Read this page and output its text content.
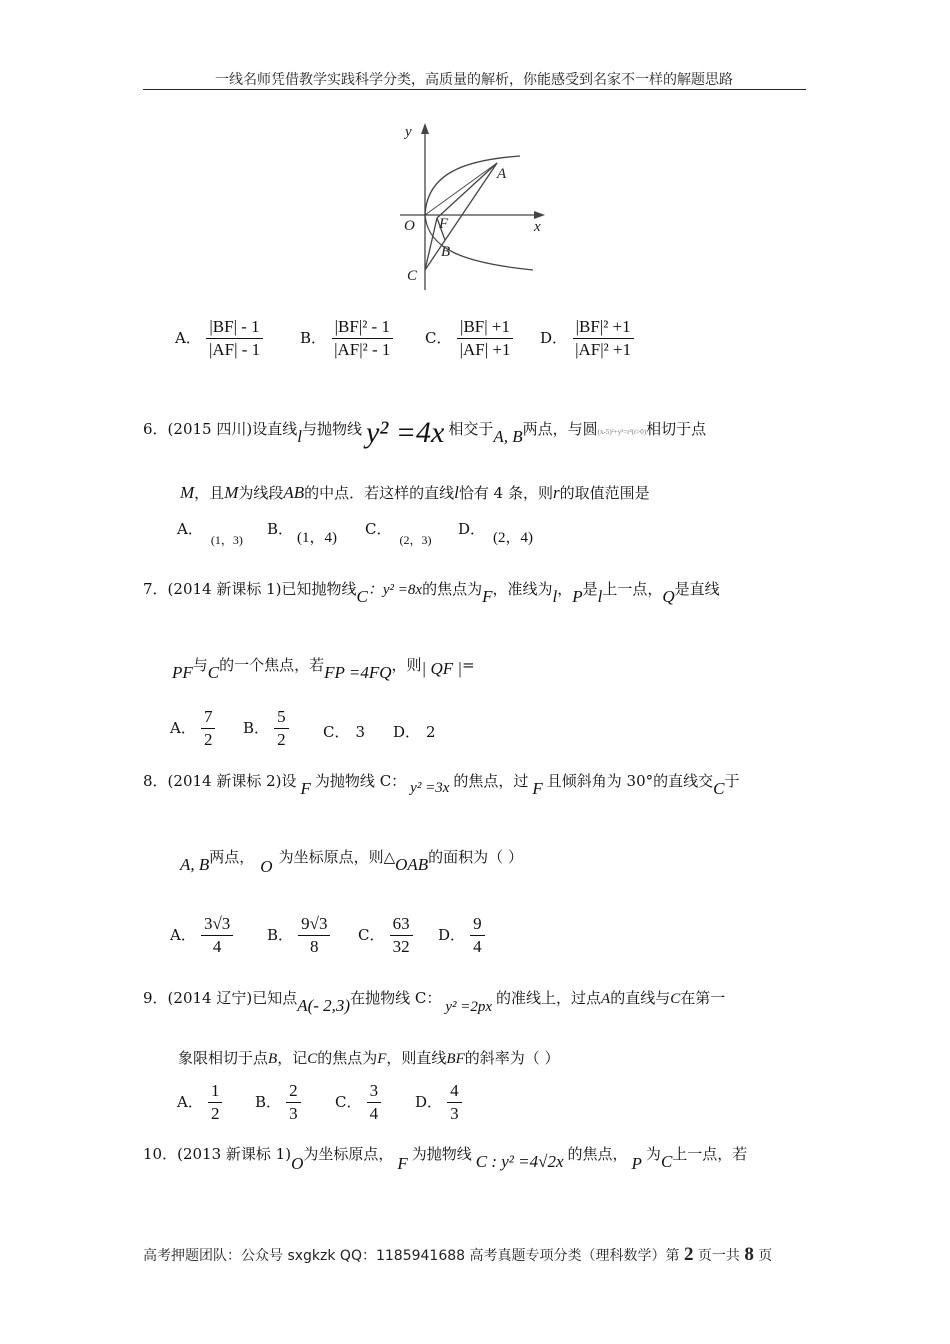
一线名师凭借教学实践科学分类，高质量的解析，你能感受到名家不一样的解题思路
y
x
O F
A
B
C
A． $\frac{|BF| - 1}{|AF| - 1}$ B． $\frac{\text{|BF|² - 1}}{\text{|AF|² - 1}}$ C． $\frac{|BF| +1}{|AF| +1}$ D． $\frac{\text{|BF|² +1}}{\text{|AF|² +1}}$
6．(2015 四川)设直线l与抛物线 y² =4x 相交于A, B两点，与圆(x-5)²+y²=r²(r>0)相切于点
M，且M为线段AB的中点．若这样的直线l恰有 4 条，则r的取值范围是
A．$_{(1,3)}$
B． (1，4) C．$_{(2,3)}$
D． (2，4)
7．(2014 新课标 1)已知抛物线C：y² =8x的焦点为F，准线为l，P是l上一点，Q是直线
PF与C的一个焦点，若FP =4FQ，则| QF |=
A． $\frac{7}{2}$ B． $\frac{5}{2}$ C． 3 D． 2
8．(2014 新课标 2)设 F 为抛物线 C： y² =3x 的焦点，过 F 且倾斜角为 30°的直线交C于
A, B两点， O 为坐标原点，则△OAB的面积为（ ）
A． $\frac{3√3}{4}$ B． $\frac{9√3}{8}$ C． $\frac{63}{32}$ D． $\frac{9}{4}$
9．(2014 辽宁)已知点A(- 2,3)在抛物线 C： y² =2px 的准线上，过点A的直线与C在第一
象限相切于点B，记C的焦点为F，则直线BF的斜率为（ ）
A． $\frac{1}{2}$ B． $\frac{2}{3}$ C． $\frac{3}{4}$ D． $\frac{4}{3}$
10．(2013 新课标 1)O为坐标原点， F 为抛物线 C : y² =4√2x 的焦点， P 为C上一点，若
高考押题团队：公众号 sxgkzk QQ：1185941688 高考真题专项分类（理科数学）第 2 页一共 8 页
